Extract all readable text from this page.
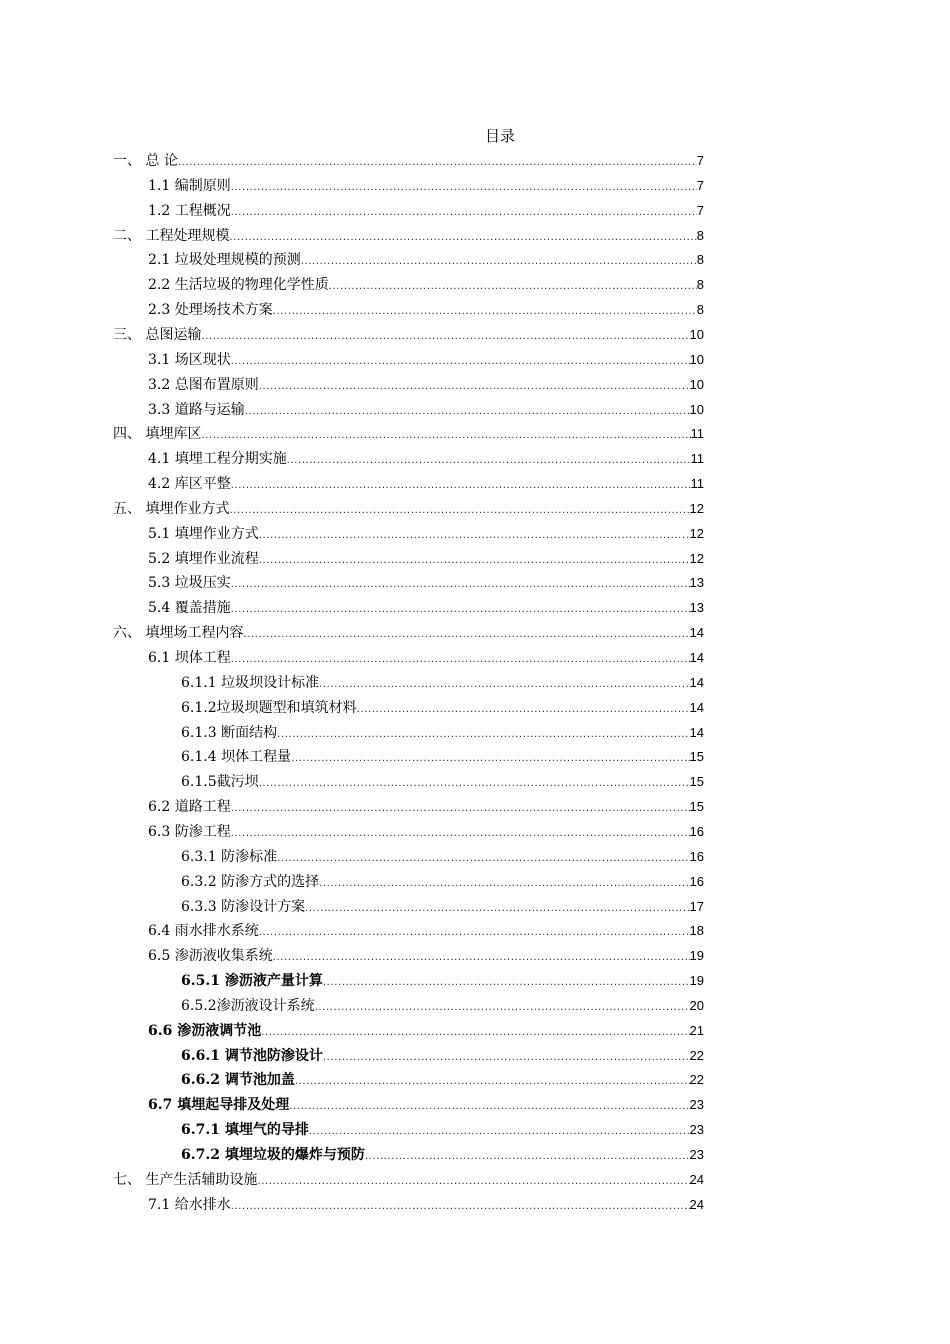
目录
一、 总 论 .....	7
1.1 编制原则 .....	7
1.2 工程概况 .....	7
二、 工程处理规模 .....	8
2.1 垃圾处理规模的预测 .....	8
2.2 生活垃圾的物理化学性质 .....	8
2.3 处理场技术方案 .....	8
三、 总图运输 .....	10
3.1 场区现状 .....	10
3.2 总图布置原则 .....	10
3.3 道路与运输 .....	10
四、 填埋库区 .....	11
4.1 填埋工程分期实施 .....	11
4.2 库区平整 .....	11
五、 填埋作业方式 .....	12
5.1 填埋作业方式 .....	12
5.2 填埋作业流程 .....	12
5.3 垃圾压实 .....	13
5.4 覆盖措施 .....	13
六、 填埋场工程内容 .....	14
6.1 坝体工程 .....	14
6.1.1 垃圾坝设计标准 .....	14
6.1.2垃圾坝题型和填筑材料 .....	14
6.1.3 断面结构 .....	14
6.1.4 坝体工程量 .....	15
6.1.5截污坝 .....	15
6.2 道路工程 .....	15
6.3 防渗工程 .....	16
6.3.1 防渗标准 .....	16
6.3.2 防渗方式的选择 .....	16
6.3.3 防渗设计方案 .....	17
6.4 雨水排水系统 .....	18
6.5 渗沥液收集系统 .....	19
6.5.1 渗沥液产量计算 .....	19
6.5.2渗沥液设计系统 .....	20
6.6 渗沥液调节池 .....	21
6.6.1 调节池防渗设计 .....	22
6.6.2 调节池加盖 .....	22
6.7 填埋起导排及处理 .....	23
6.7.1 填埋气的导排 .....	23
6.7.2 填埋垃圾的爆炸与预防 .....	23
七、 生产生活辅助设施 .....	24
7.1 给水排水 .....	24
